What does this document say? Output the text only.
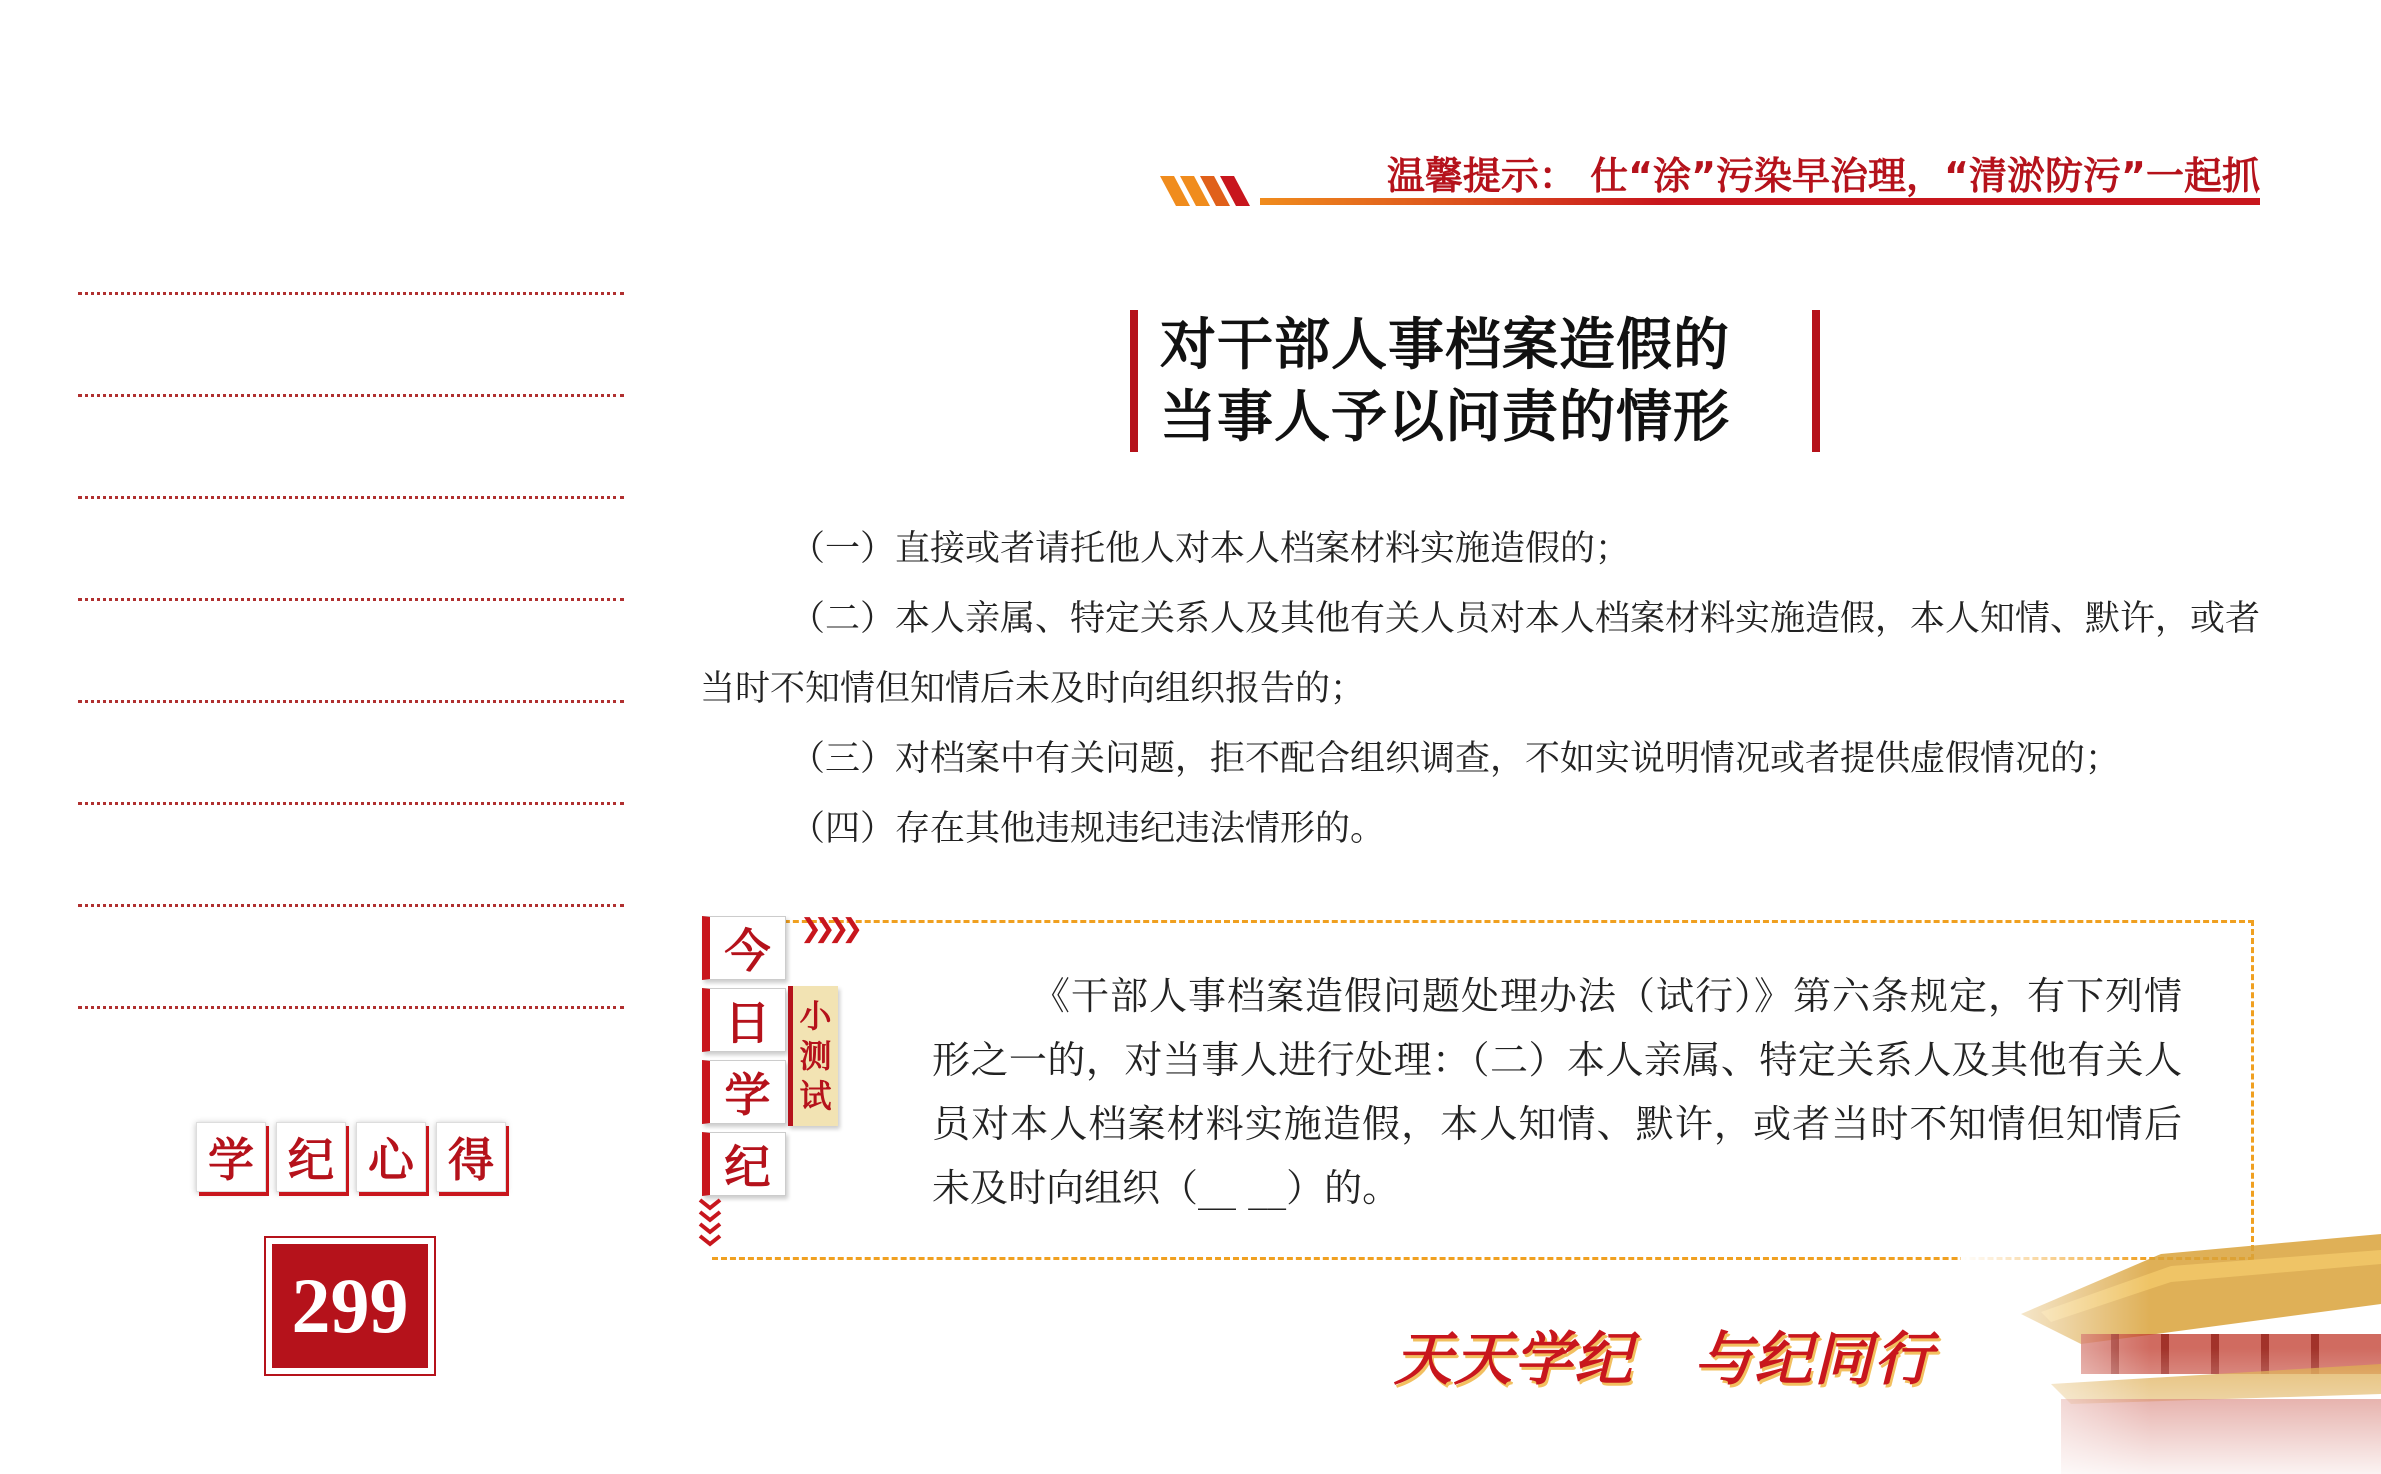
温馨提示： 仕“涂”污染早治理，“清淤防污”一起抓
学 纪 心 得
299
对干部人事档案造假的
当事人予以问责的情形

（一）直接或者请托他人对本人档案材料实施造假的；

（二）本人亲属、特定关系人及其他有关人员对本人档案材料实施造假，本人知情、默许，或者当时不知情但知情后未及时向组织报告的；

（三）对档案中有关问题，拒不配合组织调查，不如实说明情况或者提供虚假情况的；

（四）存在其他违规违纪违法情形的。

❯❯❯❯
今
日
学
纪
小
测
试

《干部人事档案造假问题处理办法（试行）》第六条规定，有下列情形之一的，对当事人进行处理：（二）本人亲属、特定关系人及其他有关人员对本人档案材料实施造假，本人知情、默许，或者当时不知情但知情后未及时向组织（__ __）的。

天天学纪　与纪同行
